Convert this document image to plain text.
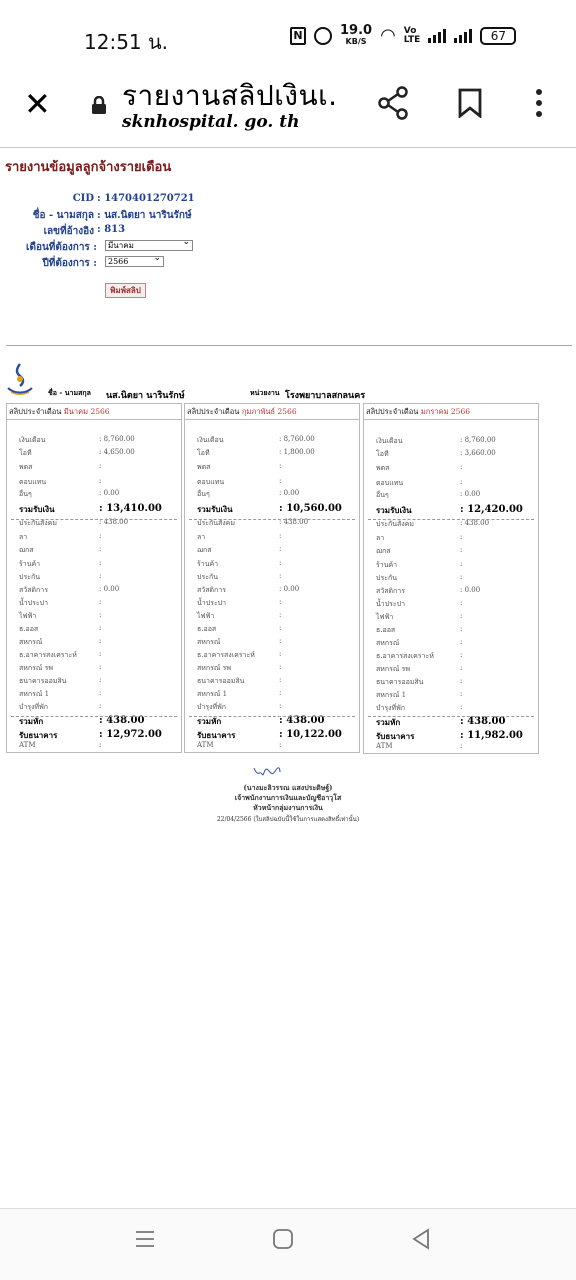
12:51 น.	N	19.0
KB/S ◠ Vo
LTE	67
✕	รายงานสลิปเงินเ.
sknhospital. go. th
รายงานข้อมูลลูกจ้างรายเดือน
CID : 1470401270721
ชื่อ - นามสกุล : นส.นิตยา นารินรักษ์
เลขที่อ้างอิง : 813
เดือนที่ต้องการ :	มีนาคม ⌄
ปีที่ต้องการ :	2566 ⌄
พิมพ์สลิป
ชื่อ - นามสกุล นส.นิตยา นารินรักษ์	หน่วยงาน โรงพยาบาลสกลนคร
สลิปประจำเดือน มีนาคม 2566
เงินเดือน	: 8,760.00
โอที	: 4,650.00
พตส	:
ตอบแทน	:
อื่นๆ	: 0.00
รวมรับเงิน	: 13,410.00
ประกันสังคม	: 438.00
ลา	:
ฌกส	:
ร้านค้า	:
ประกัน	:
สวัสดิการ	: 0.00
น้ำประปา	:
ไฟฟ้า	:
ธ.ออส	:
สหกรณ์	:
ธ.อาคารสงเคราะห์	:
สหกรณ์ รพ	:
ธนาคารออมสิน	:
สหกรณ์ 1	:
บำรุงที่พัก	:
รวมหัก	: 438.00
รับธนาคาร	: 12,972.00
ATM	:
สลิปประจำเดือน กุมภาพันธ์ 2566
เงินเดือน	: 8,760.00
โอที	: 1,800.00
พตส	:
ตอบแทน	:
อื่นๆ	: 0.00
รวมรับเงิน	: 10,560.00
ประกันสังคม	: 438.00
ลา	:
ฌกส	:
ร้านค้า	:
ประกัน	:
สวัสดิการ	: 0.00
น้ำประปา	:
ไฟฟ้า	:
ธ.ออส	:
สหกรณ์	:
ธ.อาคารสงเคราะห์	:
สหกรณ์ รพ	:
ธนาคารออมสิน	:
สหกรณ์ 1	:
บำรุงที่พัก	:
รวมหัก	: 438.00
รับธนาคาร	: 10,122.00
ATM	:
สลิปประจำเดือน มกราคม 2566
เงินเดือน	: 8,760.00
โอที	: 3,660.00
พตส	:
ตอบแทน	:
อื่นๆ	: 0.00
รวมรับเงิน	: 12,420.00
ประกันสังคม	: 438.00
ลา	:
ฌกส	:
ร้านค้า	:
ประกัน	:
สวัสดิการ	: 0.00
น้ำประปา	:
ไฟฟ้า	:
ธ.ออส	:
สหกรณ์	:
ธ.อาคารสงเคราะห์	:
สหกรณ์ รพ	:
ธนาคารออมสิน	:
สหกรณ์ 1	:
บำรุงที่พัก	:
รวมหัก	: 438.00
รับธนาคาร	: 11,982.00
ATM	:
(นางมะลิวรรณ แสงประดิษฐ์)
เจ้าพนักงานการเงินและบัญชีอาวุโส
หัวหน้ากลุ่มงานการเงิน
22/04/2566 (ใบสลิปฉบับนี้ใช้ในการแสดงสิทธิ์เท่านั้น)
